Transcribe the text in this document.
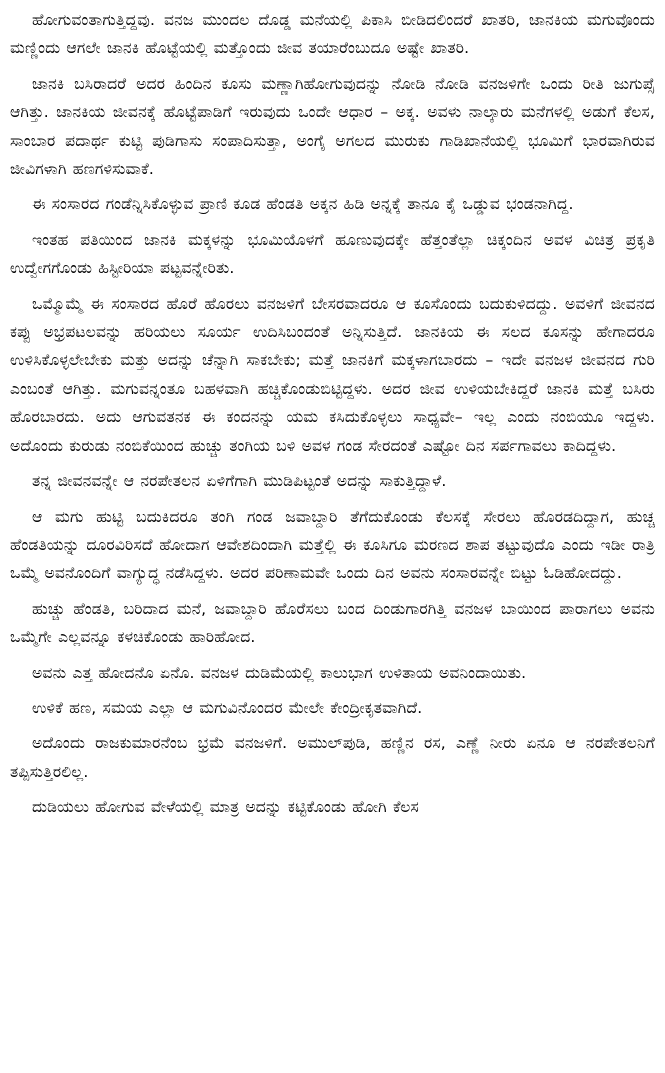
ಹೋಗುವಂತಾಗುತ್ತಿದ್ದವು. ವನಜ ಮುಂದಲ ದೊಡ್ಡ ಮನೆಯಲ್ಲಿ ಪಿಕಾಸಿ ಬೀಡಿದಲಿಂದರೆ ಖಾತರಿ, ಜಾನಕಿಯ ಮಗುವೊಂದು ಮಣ್ಣಿಂದು ಆಗಲೇ ಜಾನಕಿ ಹೊಟ್ಟೆಯಲ್ಲಿ ಮತ್ತೊಂದು ಜೀವ ತಯಾರೆಂಬುದೂ ಅಷ್ಟೇ ಖಾತರಿ.

ಜಾನಕಿ ಬಸಿರಾದರೆ ಅದರ ಹಿಂದಿನ ಕೂಸು ಮಣ್ಣಾಗಿಹೋಗುವುದನ್ನು ನೋಡಿ ನೋಡಿ ವನಜಳಿಗೇ ಒಂದು ರೀತಿ ಜುಗುಪ್ಸೆ ಆಗಿತ್ತು. ಜಾನಕಿಯ ಜೀವನಕ್ಕೆ ಹೊಟ್ಟೆಪಾಡಿಗೆ ಇರುವುದು ಒಂದೇ ಆಧಾರ – ಅಕ್ಕ. ಅವಳು ನಾಲ್ಕಾರು ಮನೆಗಳಲ್ಲಿ ಅಡುಗೆ ಕೆಲಸ, ಸಾಂಬಾರ ಪದಾರ್ಥ ಕುಟ್ಟಿ ಪುಡಿಗಾಸು ಸಂಪಾದಿಸುತ್ತಾ, ಅಂಗೈ ಅಗಲದ ಮುರುಕು ಗಾಡಿಖಾನೆಯಲ್ಲಿ ಭೂಮಿಗೆ ಭಾರವಾಗಿರುವ ಜೀವಿಗಳಾಗಿ ಹಣಗಳಿಸುವಾಕೆ.

ಈ ಸಂಸಾರದ ಗಂಡೆನ್ನಿಸಿಕೊಳ್ಳುವ ಪ್ರಾಣಿ ಕೂಡ ಹೆಂಡತಿ ಅಕ್ಕನ ಹಿಡಿ ಅನ್ನಕ್ಕೆ ತಾನೂ ಕೈ ಒಡ್ಡುವ ಭಂಡನಾಗಿದ್ದ.

ಇಂತಹ ಪತಿಯಿಂದ ಜಾನಕಿ ಮಕ್ಕಳನ್ನು ಭೂಮಿಯೊಳಗೆ ಹೂಣುವುದಕ್ಕೇ ಹೆತ್ತಂತೆಲ್ಲಾ ಚಿಕ್ಕಂದಿನ ಅವಳ ವಿಚಿತ್ರ ಪ್ರಕೃತಿ ಉದ್ವೇಗಗೊಂಡು ಹಿಸ್ಟೀರಿಯಾ ಪಟ್ಟವನ್ನೇರಿತು.

ಒಮ್ಮೊಮ್ಮೆ ಈ ಸಂಸಾರದ ಹೊರೆ ಹೊರಲು ವನಜಳಿಗೆ ಬೇಸರವಾದರೂ ಆ ಕೂಸೊಂದು ಬದುಕುಳಿದದ್ದು. ಅವಳಿಗೆ ಜೀವನದ ಕಪ್ಪು ಅಭ್ರಪಟಲವನ್ನು ಹರಿಯಲು ಸೂರ್ಯ ಉದಿಸಿಬಂದಂತೆ ಅನ್ನಿಸುತ್ತಿದೆ. ಜಾನಕಿಯ ಈ ಸಲದ ಕೂಸನ್ನು ಹೇಗಾದರೂ ಉಳಿಸಿಕೊಳ್ಳಲೇಬೇಕು ಮತ್ತು ಅದನ್ನು ಚೆನ್ನಾಗಿ ಸಾಕಬೇಕು; ಮತ್ತೆ ಜಾನಕಿಗೆ ಮಕ್ಕಳಾಗಬಾರದು – ಇದೇ ವನಜಳ ಜೀವನದ ಗುರಿ ಎಂಬಂತೆ ಆಗಿತ್ತು. ಮಗುವನ್ನಂತೂ ಬಹಳವಾಗಿ ಹಚ್ಚಿಕೊಂಡುಬಿಟ್ಟಿದ್ದಳು. ಅದರ ಜೀವ ಉಳಿಯಬೇಕಿದ್ದರೆ ಜಾನಕಿ ಮತ್ತೆ ಬಸಿರು ಹೊರಬಾರದು. ಅದು ಆಗುವತನಕ ಈ ಕಂದನನ್ನು ಯಮ ಕಸಿದುಕೊಳ್ಳಲು ಸಾಧ್ಯವೇ– ಇಲ್ಲ ಎಂದು ನಂಬಿಯೂ ಇದ್ದಳು. ಅದೊಂದು ಕುರುಡು ನಂಬಿಕೆಯಿಂದ ಹುಚ್ಚು ತಂಗಿಯ ಬಳಿ ಅವಳ ಗಂಡ ಸೇರದಂತೆ ಎಷ್ಟೋ ದಿನ ಸರ್ಪಗಾವಲು ಕಾದಿದ್ದಳು.

ತನ್ನ ಜೀವನವನ್ನೇ ಆ ನರಪೇತಲನ ಏಳಿಗೆಗಾಗಿ ಮುಡಿಪಿಟ್ಟಂತೆ ಅದನ್ನು ಸಾಕುತ್ತಿದ್ದಾಳೆ.

ಆ ಮಗು ಹುಟ್ಟಿ ಬದುಕಿದರೂ ತಂಗಿ ಗಂಡ ಜವಾಬ್ದಾರಿ ತೆಗೆದುಕೊಂಡು ಕೆಲಸಕ್ಕೆ ಸೇರಲು ಹೊರಡದಿದ್ದಾಗ, ಹುಚ್ಚ ಹೆಂಡತಿಯನ್ನು ದೂರವಿರಿಸದೆ ಹೋದಾಗ ಆವೇಶದಿಂದಾಗಿ ಮತ್ತೆಲ್ಲಿ ಈ ಕೂಸಿಗೂ ಮರಣದ ಶಾಪ ತಟ್ಟುವುದೊ ಎಂದು ಇಡೀ ರಾತ್ರಿ ಒಮ್ಮೆ ಅವನೊಂದಿಗೆ ವಾಗ್ಯುದ್ಧ ನಡೆಸಿದ್ದಳು. ಅದರ ಪರಿಣಾಮವೇ ಒಂದು ದಿನ ಅವನು ಸಂಸಾರವನ್ನೇ ಬಿಟ್ಟು ಓಡಿಹೋದದ್ದು.

ಹುಚ್ಚು ಹೆಂಡತಿ, ಬರಿದಾದ ಮನೆ, ಜವಾಬ್ದಾರಿ ಹೊರೆಸಲು ಬಂದ ದಿಂಡುಗಾರಗಿತ್ತಿ ವನಜಳ ಬಾಯಿಂದ ಪಾರಾಗಲು ಅವನು ಒಮ್ಮೆಗೇ ಎಲ್ಲವನ್ನೂ ಕಳಚಿಕೊಂಡು ಹಾರಿಹೋದ.

ಅವನು ಎತ್ತ ಹೋದನೊ ಏನೊ. ವನಜಳ ದುಡಿಮೆಯಲ್ಲಿ ಕಾಲುಭಾಗ ಉಳಿತಾಯ ಅವನಿಂದಾಯಿತು.

ಉಳಿಕೆ ಹಣ, ಸಮಯ ಎಲ್ಲಾ ಆ ಮಗುವಿನೊಂದರ ಮೇಲೇ ಕೇಂದ್ರೀಕೃತವಾಗಿದೆ.

ಅದೊಂದು ರಾಜಕುಮಾರನೆಂಬ ಭ್ರಮೆ ವನಜಳಿಗೆ. ಅಮುಲ್‌ಪುಡಿ, ಹಣ್ಣಿನ ರಸ, ಎಣ್ಣೆ ನೀರು ಏನೂ ಆ ನರಪೇತಲನಿಗೆ ತಪ್ಪಿಸುತ್ತಿರಲಿಲ್ಲ.

ದುಡಿಯಲು ಹೋಗುವ ವೇಳೆಯಲ್ಲಿ ಮಾತ್ರ ಅದನ್ನು ಕಟ್ಟಿಕೊಂಡು ಹೋಗಿ ಕೆಲಸ
